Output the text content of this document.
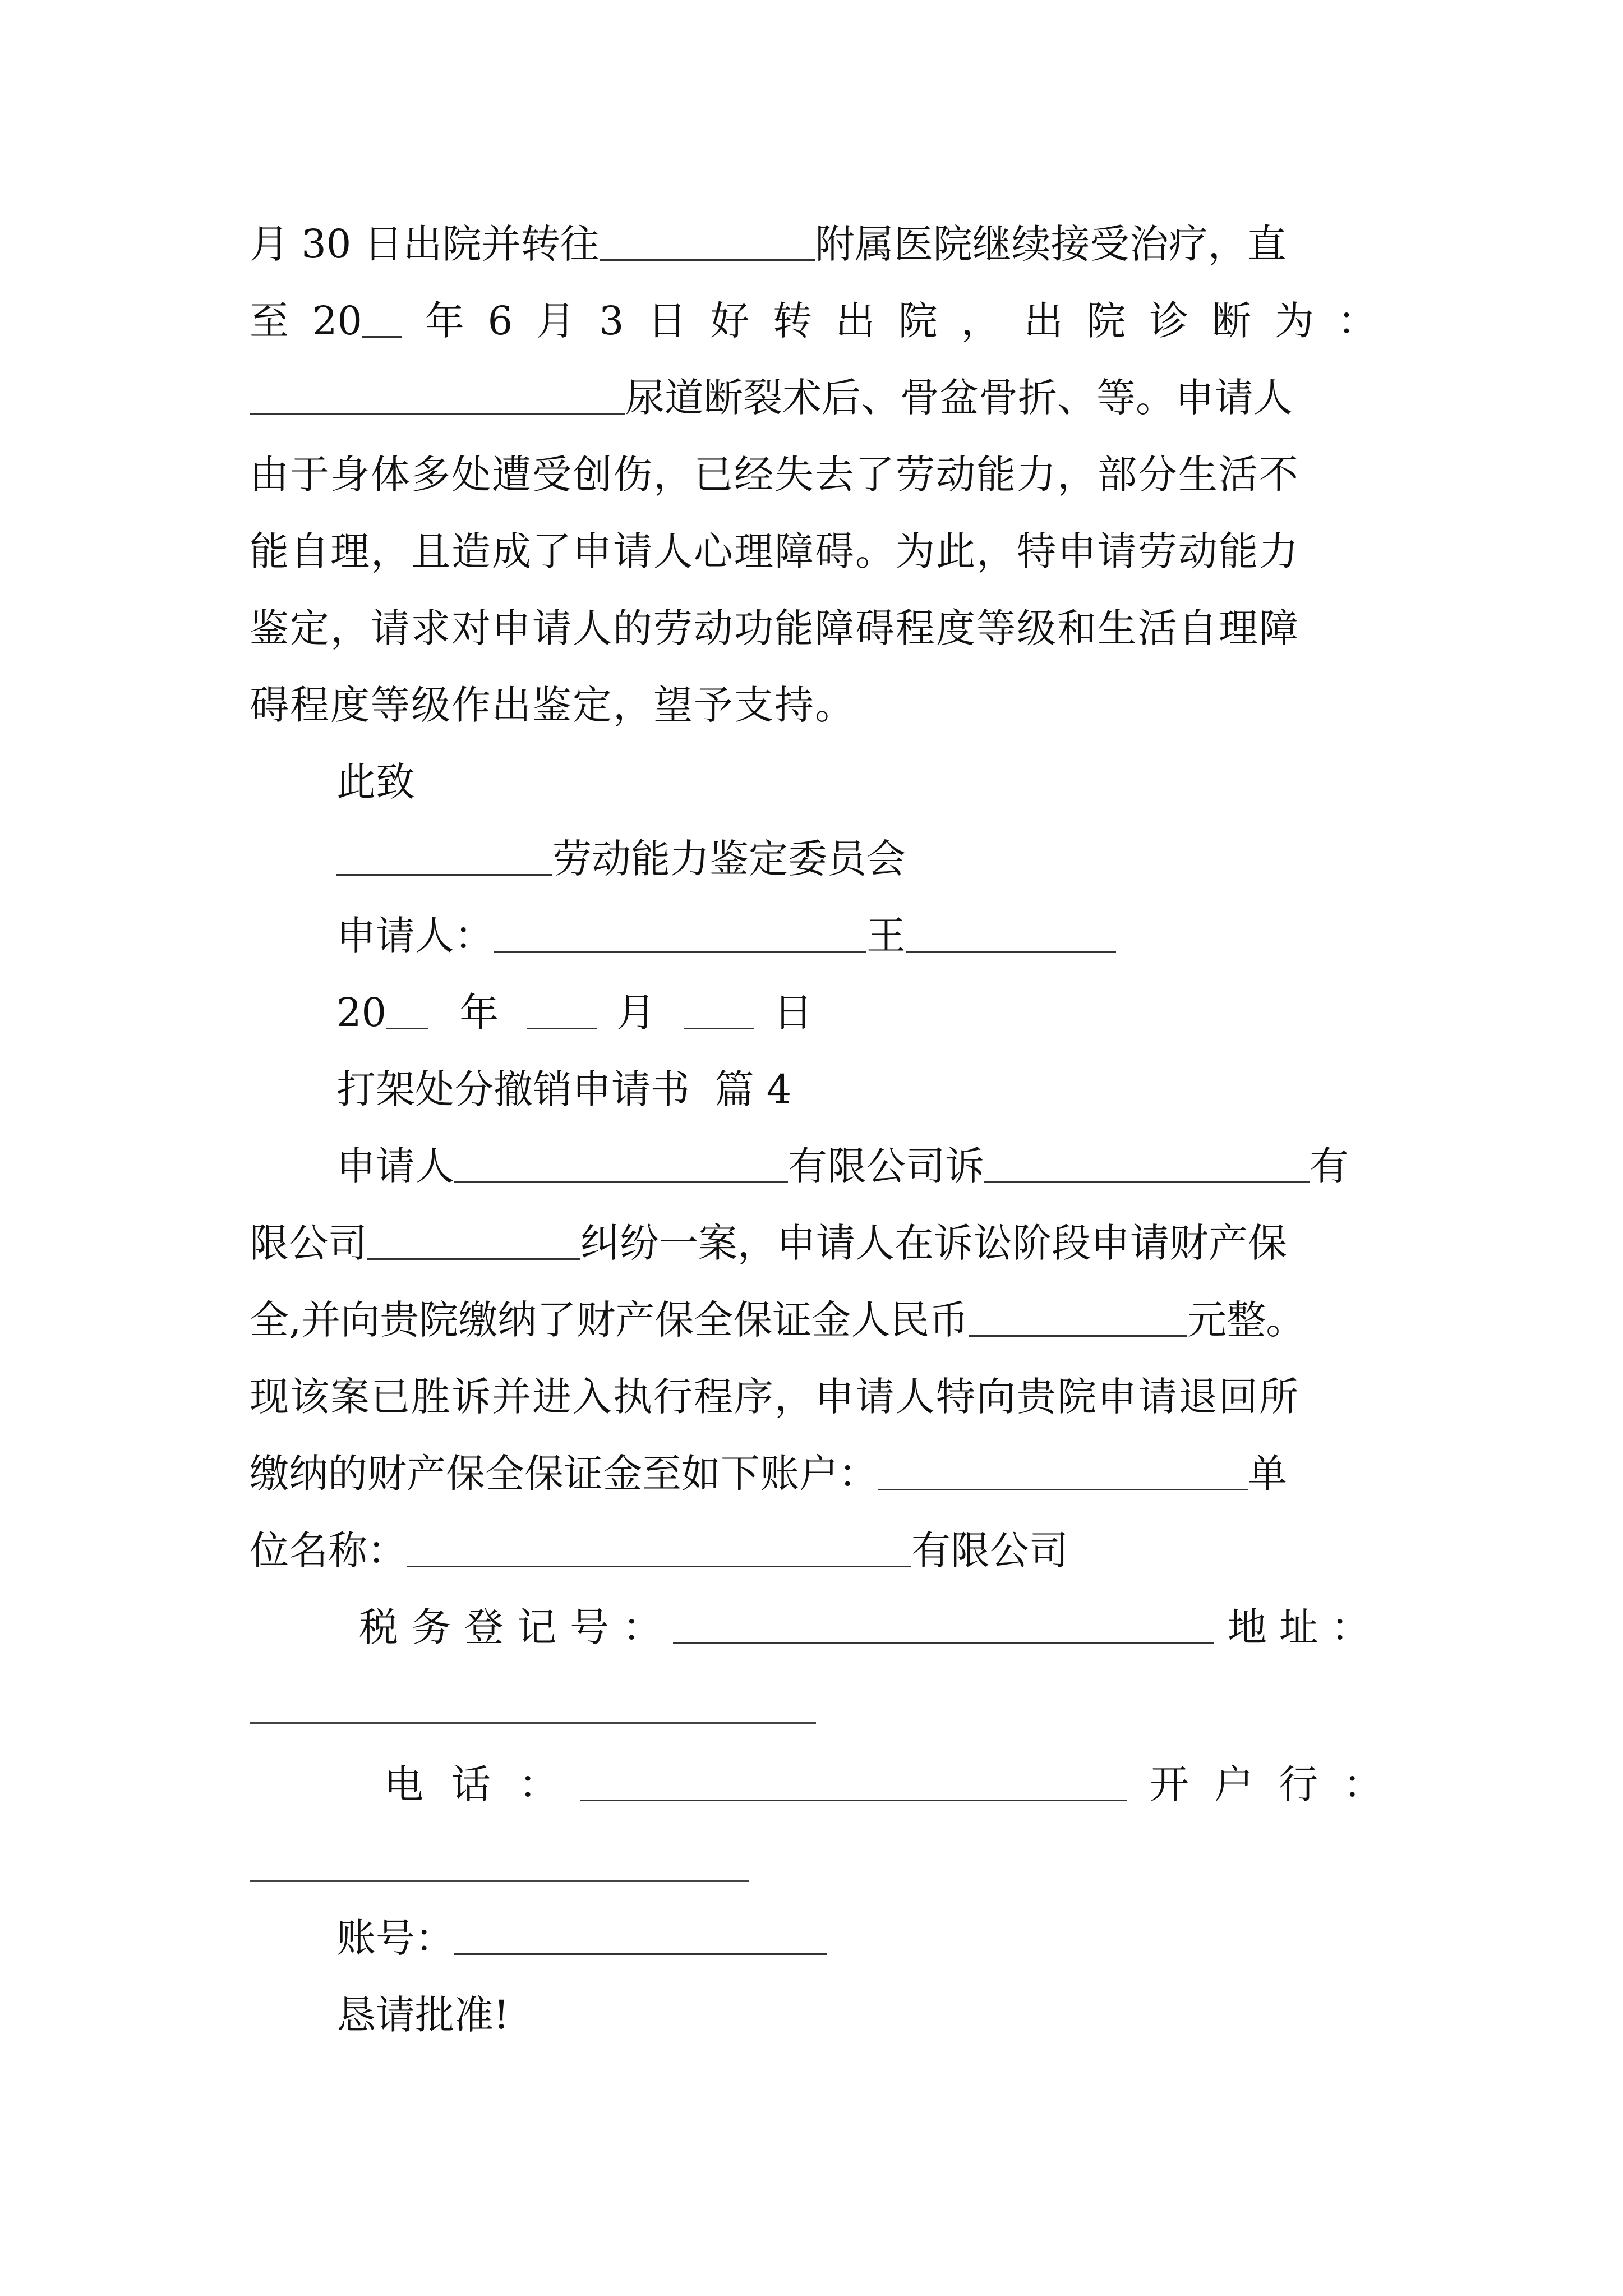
月 30 日出院并转往	附属医院继续接受治疗，直
至 20	年 6 月 3 日 好 转 出 院 ， 出 院 诊 断 为 ：
尿道断裂术后、骨盆骨折、等。申请人
由于身体多处遭受创伤，已经失去了劳动能力，部分生活不
能自理，且造成了申请人心理障碍。为此，特申请劳动能力
鉴定，请求对申请人的劳动功能障碍程度等级和生活自理障
碍程度等级作出鉴定，望予支持。
此致
劳动能力鉴定委员会
申请人：	王
20 年	月	日
打架处分撤销申请书  篇 4
申请人	有限公司诉	有
限公司	纠纷一案，申请人在诉讼阶段申请财产保
全,并向贵院缴纳了财产保全保证金人民币	元整。
现该案已胜诉并进入执行程序，申请人特向贵院申请退回所
缴纳的财产保全保证金至如下账户：	单
位名称：	有限公司
税 务 登 记 号 ：	地 址 ：
电 话 ：	开 户 行 ：
账号：
恳请批准!
